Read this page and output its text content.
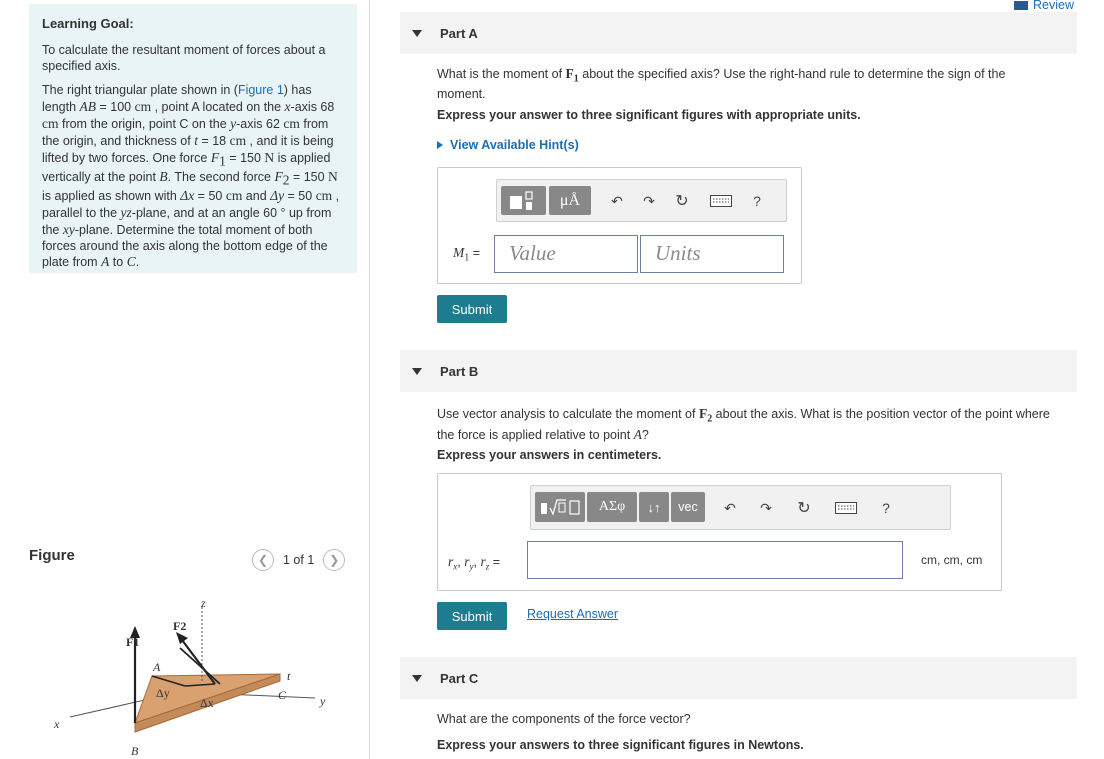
Learning Goal:

To calculate the resultant moment of forces about a specified axis.

The right triangular plate shown in (Figure 1) has length AB = 100 cm , point A located on the x-axis 68 cm from the origin, point C on the y-axis 62 cm from the origin, and thickness of t = 18 cm , and it is being lifted by two forces. One force $F_1 = 150$ N is applied vertically at the point B. The second force $F_2 = 150$ N is applied as shown with Δx = 50 cm and Δy = 50 cm , parallel to the yz-plane, and at an angle 60 ° up from the xy-plane. Determine the total moment of both forces around the axis along the bottom edge of the plate from A to C.

Figure	❮ 1 of 1 ❯
z
F2
F1
A
Δy
Δx
t
C	y
x
B
Review
Part A
What is the moment of $F_1$ about the specified axis? Use the right-hand rule to determine the sign of the moment.
Express your answer to three significant figures with appropriate units.
View Available Hint(s)
μÅ	↶ ↷ ↻	?
$M_1$ =	Value	Units
Submit
Part B
Use vector analysis to calculate the moment of $F_2$ about the axis. What is the position vector of the point where the force is applied relative to point A?
Express your answers in centimeters.
ΑΣφ	↓↑	vec	↶ ↷ ↻	?
$r_x$, $r_y$, $r_z$ =	cm, cm, cm
Submit	Request Answer
Part C
What are the components of the force vector?
Express your answers to three significant figures in Newtons.
